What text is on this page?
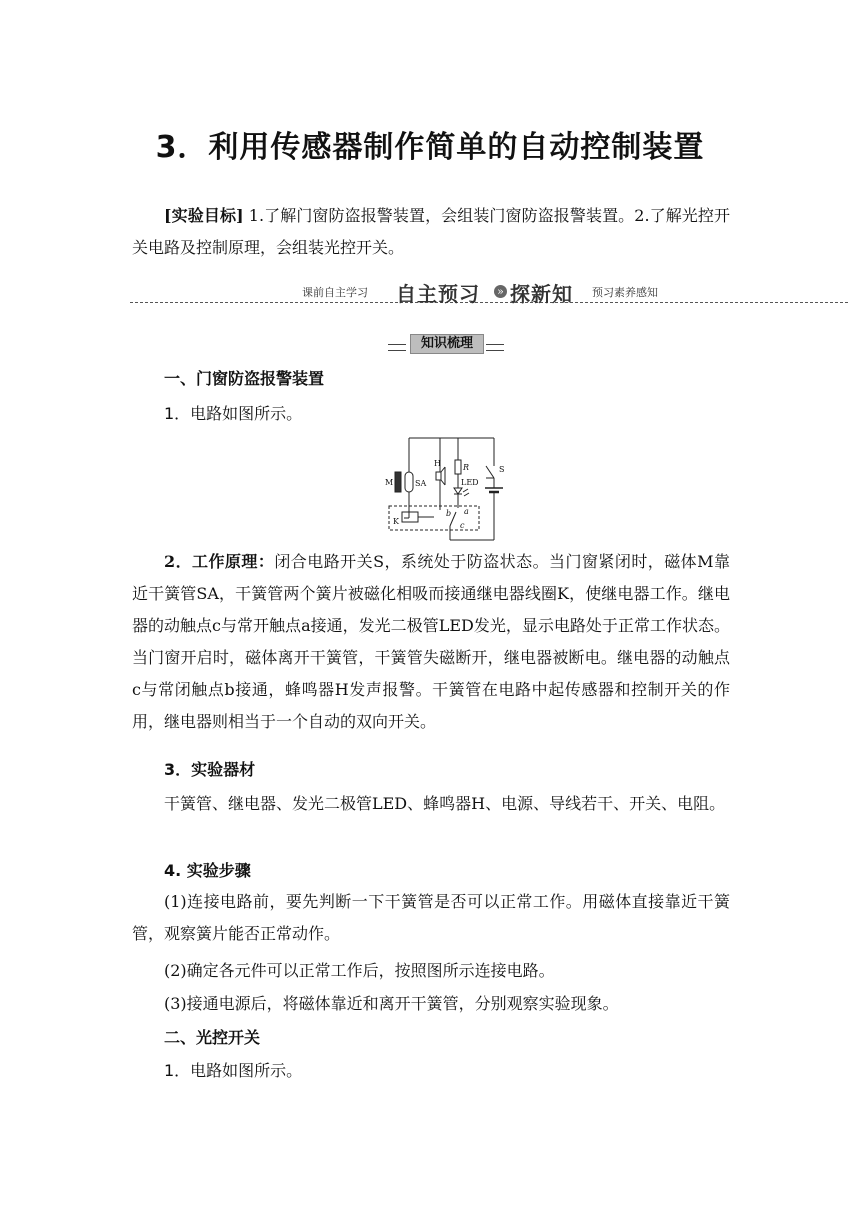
3．利用传感器制作简单的自动控制装置

[实验目标] 1.了解门窗防盗报警装置，会组装门窗防盗报警装置。2.了解光控开关电路及控制原理，会组装光控开关。

课前自主学习 自主预习 » 探新知 预习素养感知
知识梳理

一、门窗防盗报警装置

1．电路如图所示。

M	SA
H	R
LED
S
K
b a
c

2．工作原理：闭合电路开关S，系统处于防盗状态。当门窗紧闭时，磁体M靠近干簧管SA，干簧管两个簧片被磁化相吸而接通继电器线圈K，使继电器工作。继电器的动触点c与常开触点a接通，发光二极管LED发光，显示电路处于正常工作状态。当门窗开启时，磁体离开干簧管，干簧管失磁断开，继电器被断电。继电器的动触点c与常闭触点b接通，蜂鸣器H发声报警。干簧管在电路中起传感器和控制开关的作用，继电器则相当于一个自动的双向开关。

3．实验器材

干簧管、继电器、发光二极管LED、蜂鸣器H、电源、导线若干、开关、电阻。

4. 实验步骤

(1)连接电路前，要先判断一下干簧管是否可以正常工作。用磁体直接靠近干簧管，观察簧片能否正常动作。

(2)确定各元件可以正常工作后，按照图所示连接电路。

(3)接通电源后，将磁体靠近和离开干簧管，分别观察实验现象。

二、光控开关

1．电路如图所示。
